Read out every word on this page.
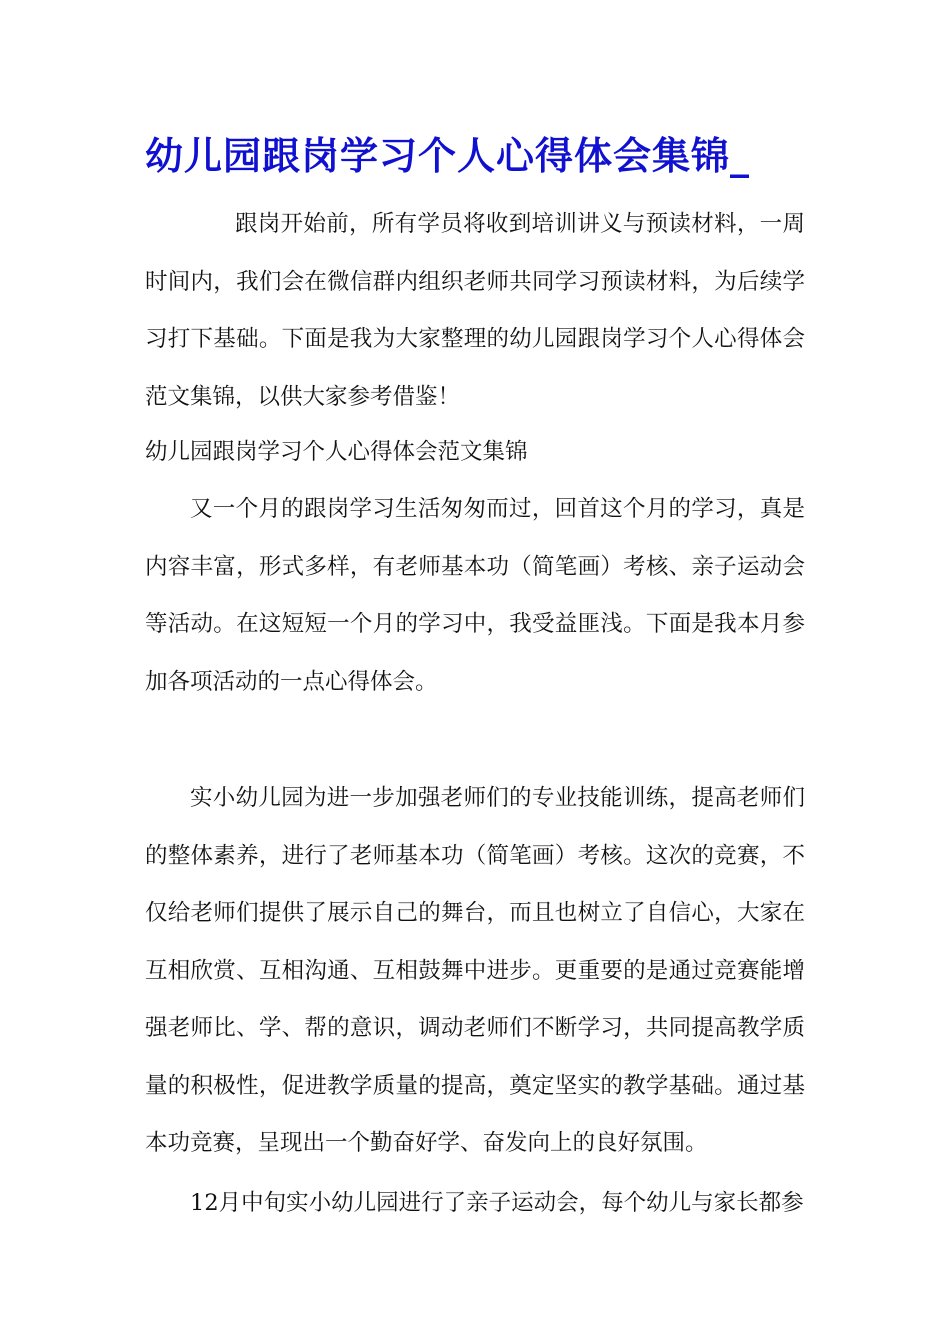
幼儿园跟岗学习个人心得体会集锦_

跟岗开始前，所有学员将收到培训讲义与预读材料，一周时间内，我们会在微信群内组织老师共同学习预读材料，为后续学习打下基础。下面是我为大家整理的幼儿园跟岗学习个人心得体会范文集锦，以供大家参考借鉴！

幼儿园跟岗学习个人心得体会范文集锦

又一个月的跟岗学习生活匆匆而过，回首这个月的学习，真是内容丰富，形式多样，有老师基本功（简笔画）考核、亲子运动会等活动。在这短短一个月的学习中，我受益匪浅。下面是我本月参加各项活动的一点心得体会。

实小幼儿园为进一步加强老师们的专业技能训练，提高老师们的整体素养，进行了老师基本功（简笔画）考核。这次的竞赛，不仅给老师们提供了展示自己的舞台，而且也树立了自信心，大家在互相欣赏、互相沟通、互相鼓舞中进步。更重要的是通过竞赛能增强老师比、学、帮的意识，调动老师们不断学习，共同提高教学质量的积极性，促进教学质量的提高，奠定坚实的教学基础。通过基本功竞赛，呈现出一个勤奋好学、奋发向上的良好氛围。

12月中旬实小幼儿园进行了亲子运动会，每个幼儿与家长都参
